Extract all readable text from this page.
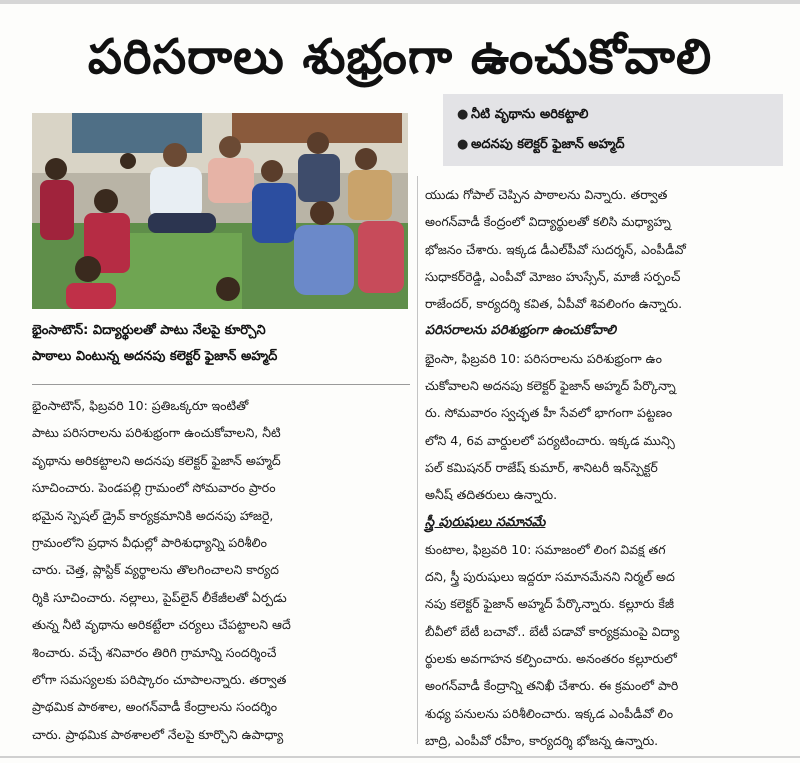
పరిసరాలు శుభ్రంగా ఉంచుకోవాలి
భైంసాటౌన్: విద్యార్థులతో పాటు నేలపై కూర్చొని
పాఠాలు వింటున్న అదనపు కలెక్టర్ ఫైజాన్ అహ్మద్
భైంసాటౌన్, ఫిబ్రవరి 10: ప్రతిఒక్కరూ ఇంటితో
పాటు పరిసరాలను పరిశుభ్రంగా ఉంచుకోవాలని, నీటి
వృథాను అరికట్టాలని అదనపు కలెక్టర్ ఫైజాన్ అహ్మద్
సూచించారు. పెండపల్లి గ్రామంలో సోమవారం ప్రారం
భమైన స్పెషల్ డ్రైవ్ కార్యక్రమానికి అదనపు హాజరై,
గ్రామంలోని ప్రధాన వీధుల్లో పారిశుధ్యాన్ని పరిశీలిం
చారు. చెత్త, ప్లాస్టిక్ వ్యర్థాలను తొలగించాలని కార్యద
ర్శికి సూచించారు. నల్లాలు, పైప్‌లైన్ లీకేజీలతో ఏర్పడు
తున్న నీటి వృథాను అరికట్టేలా చర్యలు చేపట్టాలని ఆదే
శించారు. వచ్చే శనివారం తిరిగి గ్రామాన్ని సందర్శించే
లోగా సమస్యలకు పరిష్కారం చూపాలన్నారు. తర్వాత
ప్రాథమిక పాఠశాల, అంగన్‌వాడీ కేంద్రాలను సందర్శిం
చారు. ప్రాథమిక పాఠశాలలో నేలపై కూర్చొని ఉపాధ్యా
● నీటి వృథాను అరికట్టాలి
● అదనపు కలెక్టర్ ఫైజాన్ అహ్మద్
యుడు గోపాల్ చెప్పిన పాఠాలను విన్నారు. తర్వాత
అంగన్‌వాడీ కేంద్రంలో విద్యార్థులతో కలిసి మధ్యాహ్న
భోజనం చేశారు. ఇక్కడ డీఎల్‌పీవో సుదర్శన్, ఎంపీడీవో
సుధాకర్‌రెడ్డి, ఎంపీవో మోజం హుస్సేన్, మాజీ సర్పంచ్
రాజేందర్, కార్యదర్శి కవిత, ఏపీవో శివలింగం ఉన్నారు.
పరిసరాలను పరిశుభ్రంగా ఉంచుకోవాలి
భైంసా, ఫిబ్రవరి 10: పరిసరాలను పరిశుభ్రంగా ఉం
చుకోవాలని అదనపు కలెక్టర్ ఫైజాన్ అహ్మద్ పేర్కొన్నా
రు. సోమవారం స్వచ్ఛత హీ సేవలో భాగంగా పట్టణం
లోని 4, 6వ వార్డులలో పర్యటించారు. ఇక్కడ మున్సి
పల్ కమిషనర్ రాజేష్ కుమార్, శానిటరీ ఇన్‌స్పెక్టర్
అనీష్ తదితరులు ఉన్నారు.
స్త్రీ పురుషులు సమానమే
కుంటాల, ఫిబ్రవరి 10: సమాజంలో లింగ వివక్ష తగ
దని, స్త్రీ పురుషులు ఇద్దరూ సమానమేనని నిర్మల్ అద
నపు కలెక్టర్ ఫైజాన్ అహ్మద్ పేర్కొన్నారు. కల్లూరు కేజీ
బీవీలో బేటీ బచావో.. బేటీ పడావో కార్యక్రమంపై విద్యా
ర్థులకు అవగాహన కల్పించారు. అనంతరం కల్లూరులో
అంగన్‌వాడీ కేంద్రాన్ని తనిఖీ చేశారు. ఈ క్రమంలో పారి
శుధ్య పనులను పరిశీలించారు. ఇక్కడ ఎంపీడీవో లిం
బాద్రి, ఎంపీవో రహీం, కార్యదర్శి భోజన్న ఉన్నారు.
